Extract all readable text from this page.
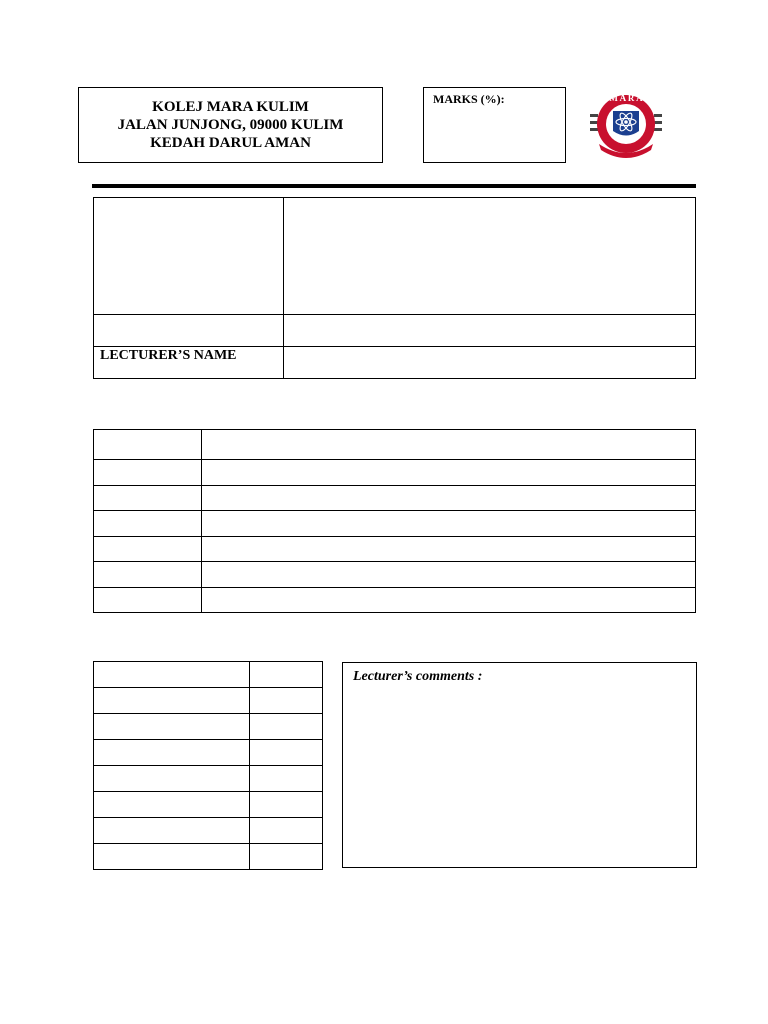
KOLEJ MARA KULIM
JALAN JUNJONG, 09000 KULIM
KEDAH DARUL AMAN
MARKS (%):	M A R A

LECTURER’S NAME	

Lecturer’s comments :
